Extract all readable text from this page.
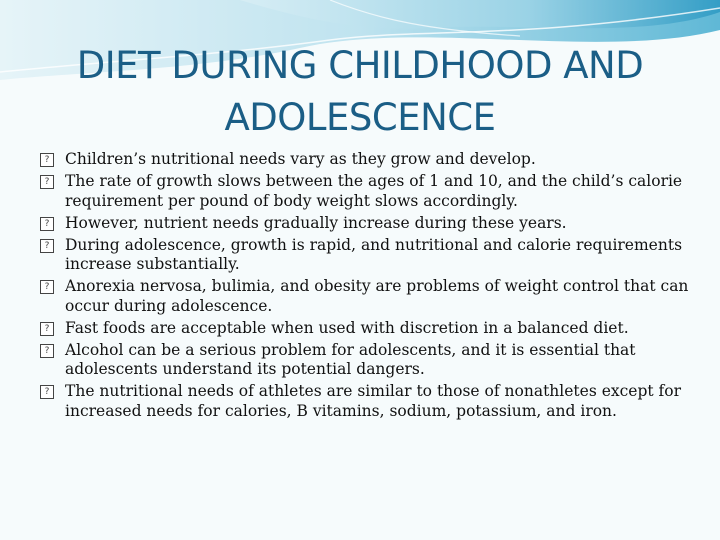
DIET DURING CHILDHOOD AND
ADOLESCENCE
? Children’s nutritional needs vary as they grow and develop.
? The rate of growth slows between the ages of 1 and 10, and the child’s calorie requirement per pound of body weight slows accordingly.
? However, nutrient needs gradually increase during these years.
? During adolescence, growth is rapid, and nutritional and calorie requirements increase substantially.
? Anorexia nervosa, bulimia, and obesity are problems of weight control that can occur during adolescence.
? Fast foods are acceptable when used with discretion in a balanced diet.
? Alcohol can be a serious problem for adolescents, and it is essential that adolescents understand its potential dangers.
? The nutritional needs of athletes are similar to those of nonathletes except for increased needs for calories, B vitamins, sodium, potassium, and iron.
